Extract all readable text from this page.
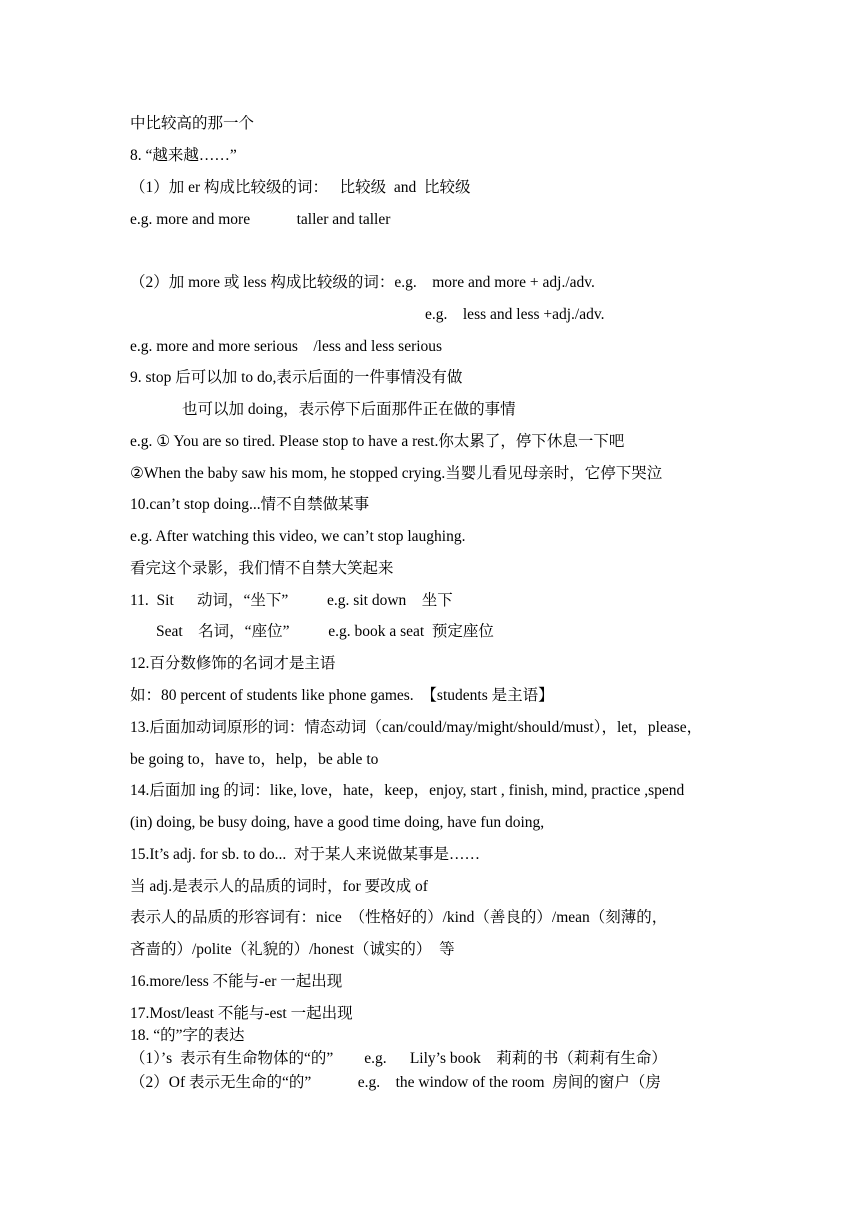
中比较高的那一个
8. “越来越……”
（1）加 er 构成比较级的词：   比较级  and  比较级
e.g. more and more            taller and taller
（2）加 more 或 less 构成比较级的词：e.g.    more and more + adj./adv.
e.g.    less and less +adj./adv.
e.g. more and more serious    /less and less serious
9. stop 后可以加 to do,表示后面的一件事情没有做
也可以加 doing，表示停下后面那件正在做的事情
e.g. ① You are so tired. Please stop to have a rest.你太累了，停下休息一下吧
②When the baby saw his mom, he stopped crying.当婴儿看见母亲时，它停下哭泣
10.can’t stop doing...情不自禁做某事
e.g. After watching this video, we can’t stop laughing.
看完这个录影，我们情不自禁大笑起来
11.  Sit      动词，“坐下”          e.g. sit down    坐下
Seat    名词，“座位”          e.g. book a seat  预定座位
12.百分数修饰的名词才是主语
如：80 percent of students like phone games.  【students 是主语】
13.后面加动词原形的词：情态动词（can/could/may/might/should/must），let，please，
be going to，have to，help，be able to
14.后面加 ing 的词：like, love，hate，keep，enjoy, start , finish, mind, practice ,spend
(in) doing, be busy doing, have a good time doing, have fun doing,
15.It’s adj. for sb. to do...  对于某人来说做某事是……
当 adj.是表示人的品质的词时，for 要改成 of
表示人的品质的形容词有：nice  （性格好的）/kind（善良的）/mean（刻薄的，
吝啬的）/polite（礼貌的）/honest（诚实的）  等
16.more/less 不能与-er 一起出现
17.Most/least 不能与-est 一起出现
18. “的”字的表达
（1）’s  表示有生命物体的“的”        e.g.      Lily’s book    莉莉的书（莉莉有生命）
（2）Of 表示无生命的“的”            e.g.    the window of the room  房间的窗户（房
